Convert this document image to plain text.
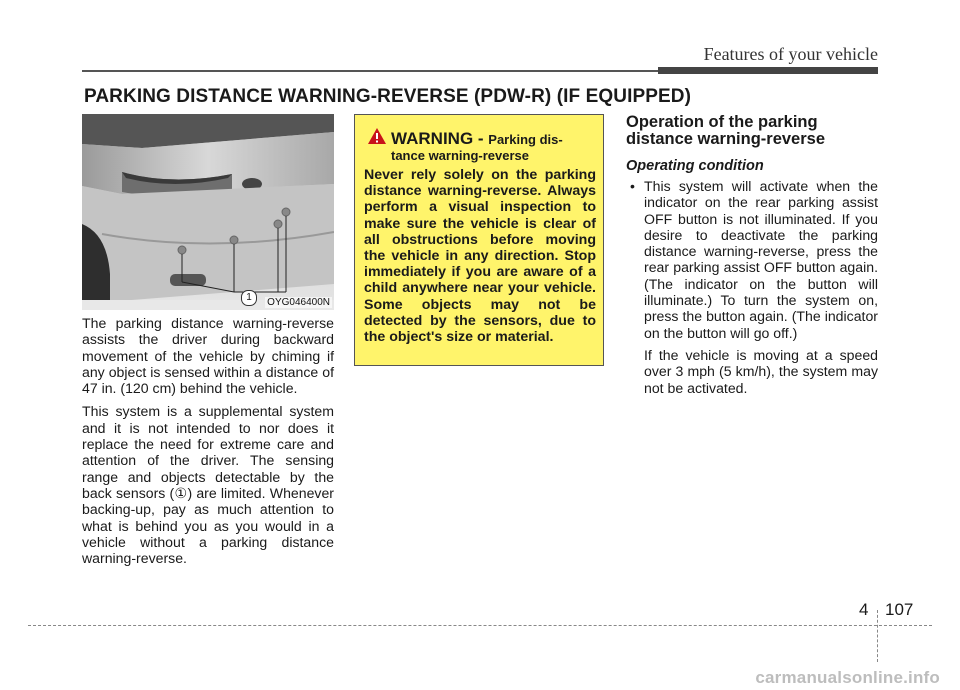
Features of your vehicle
PARKING DISTANCE WARNING-REVERSE (PDW-R) (IF EQUIPPED)
1	OYG046400N

The parking distance warning-reverse assists the driver during backward movement of the vehicle by chiming if any object is sensed within a distance of 47 in. (120 cm) behind the vehicle.

This system is a supplemental system and it is not intended to nor does it replace the need for extreme care and attention of the driver. The sensing range and objects detectable by the back sensors (①) are limited. Whenever backing-up, pay as much attention to what is behind you as you would in a vehicle without a parking distance warning-reverse.

WARNING - Parking dis-
tance warning-reverse
Never rely solely on the parking distance warning-reverse. Always perform a visual inspection to make sure the vehicle is clear of all obstructions before moving the vehicle in any direction. Stop immediately if you are aware of a child anywhere near your vehicle. Some objects may not be detected by the sensors, due to the object's size or material.

Operation of the parking distance warning-reverse

Operating condition

• This system will activate when the indicator on the rear parking assist OFF button is not illuminated. If you desire to deactivate the parking distance warning-reverse, press the rear parking assist OFF button again. (The indicator on the button will illuminate.) To turn the system on, press the button again. (The indicator on the button will go off.)

If the vehicle is moving at a speed over 3 mph (5 km/h), the system may not be activated.

4 107
carmanualsonline.info
